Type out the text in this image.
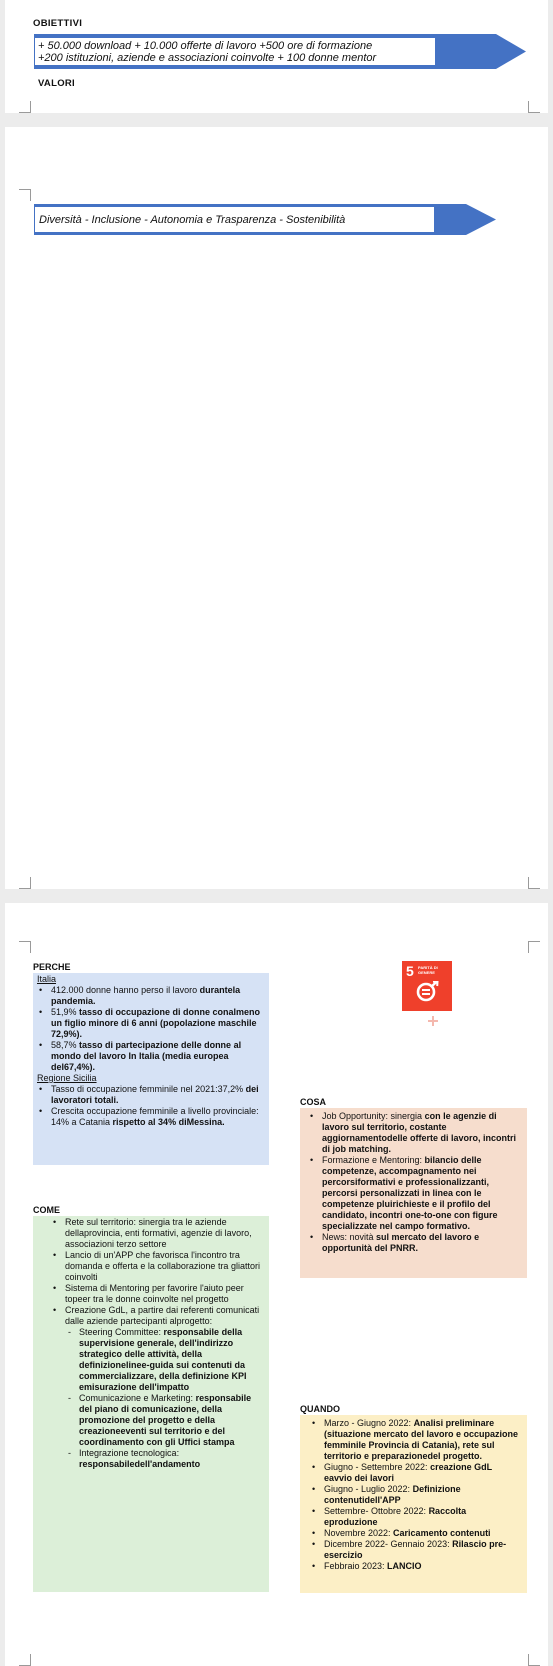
OBIETTIVI
+ 50.000 download + 10.000 offerte di lavoro +500 ore di formazione
+200 istituzioni, aziende e associazioni coinvolte + 100 donne mentor
VALORI
Diversità - Inclusione - Autonomia e Trasparenza - Sostenibilità
5 PARITÀ DI GENERE
PERCHE
Italia
• 412.000 donne hanno perso il lavoro durantela pandemia.
• 51,9% tasso di occupazione di donne conalmeno un figlio minore di 6 anni (popolazione maschile 72,9%).
• 58,7% tasso di partecipazione delle donne al mondo del lavoro In Italia (media europea del67,4%).
Regione Sicilia
• Tasso di occupazione femminile nel 2021:37,2% dei lavoratori totali.
• Crescita occupazione femminile a livello provinciale: 14% a Catania rispetto al 34% diMessina.
COSA
• Job Opportunity: sinergia con le agenzie di lavoro sul territorio, costante aggiornamentodelle offerte di lavoro, incontri di job matching.
• Formazione e Mentoring: bilancio delle competenze, accompagnamento nei percorsiformativi e professionalizzanti, percorsi personalizzati in linea con le competenze pluirichieste e il profilo del candidato, incontri one-to-one con figure specializzate nel campo formativo.
• News: novità sul mercato del lavoro e opportunità del PNRR.
COME
• Rete sul territorio: sinergia tra le aziende dellaprovincia, enti formativi, agenzie di lavoro, associazioni terzo settore
• Lancio di un'APP che favorisca l'incontro tra domanda e offerta e la collaborazione tra gliattori coinvolti
• Sistema di Mentoring per favorire l'aiuto peer topeer tra le donne coinvolte nel progetto
• Creazione GdL, a partire dai referenti comunicati dalle aziende partecipanti alprogetto:
- Steering Committee: responsabile della supervisione generale, dell'indirizzo strategico delle attività, della definizionelinee-guida sui contenuti da commercializzare, della definizione KPI emisurazione dell'impatto
- Comunicazione e Marketing: responsabile del piano di comunicazione, della promozione del progetto e della creazioneeventi sul territorio e del coordinamento con gli Uffici stampa
- Integrazione tecnologica: responsabiledell'andamento
QUANDO
• Marzo - Giugno 2022: Analisi preliminare (situazione mercato del lavoro e occupazione femminile Provincia di Catania), rete sul territorio e preparazionedel progetto.
• Giugno - Settembre 2022: creazione GdL eavvio dei lavori
• Giugno - Luglio 2022: Definizione contenutidell'APP
• Settembre- Ottobre 2022: Raccolta eproduzione
• Novembre 2022: Caricamento contenuti
• Dicembre 2022- Gennaio 2023: Rilascio pre-esercizio
• Febbraio 2023: LANCIO
